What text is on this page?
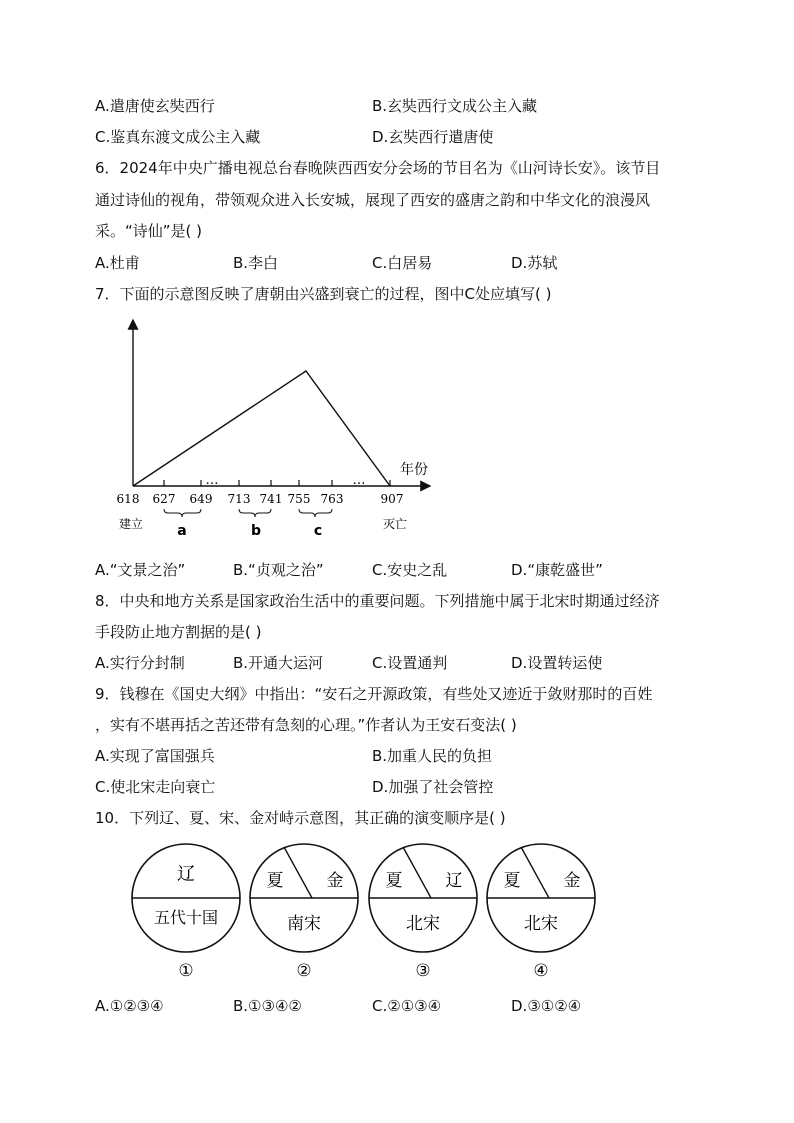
A.遣唐使玄奘西行	B.玄奘西行文成公主入藏
C.鉴真东渡文成公主入藏	D.玄奘西行遣唐使
6．2024年中央广播电视总台春晚陕西西安分会场的节目名为《山河诗长安》。该节目
通过诗仙的视角，带领观众进入长安城，展现了西安的盛唐之韵和中华文化的浪漫风
采。“诗仙”是( )
A.杜甫	B.李白	C.白居易	D.苏轼
7．下面的示意图反映了唐朝由兴盛到衰亡的过程，图中C处应填写( )
…	…
年份
618 627 649 713 741 755 763	907
a	b	c
建立	灭亡
A.“文景之治”	B.“贞观之治”	C.安史之乱	D.“康乾盛世”
8．中央和地方关系是国家政治生活中的重要问题。下列措施中属于北宋时期通过经济
手段防止地方割据的是( )
A.实行分封制	B.开通大运河	C.设置通判	D.设置转运使
9．钱穆在《国史大纲》中指出：“安石之开源政策，有些处又迹近于敛财那时的百姓
，实有不堪再括之苦还带有急刻的心理。”作者认为王安石变法( )
A.实现了富国强兵	B.加重人民的负担
C.使北宋走向衰亡	D.加强了社会管控
10．下列辽、夏、宋、金对峙示意图，其正确的演变顺序是( )
辽
五代十国
①
夏	金
南宋
②
夏	辽
北宋
③
夏	金
北宋
④
A.①②③④	B.①③④②	C.②①③④	D.③①②④
